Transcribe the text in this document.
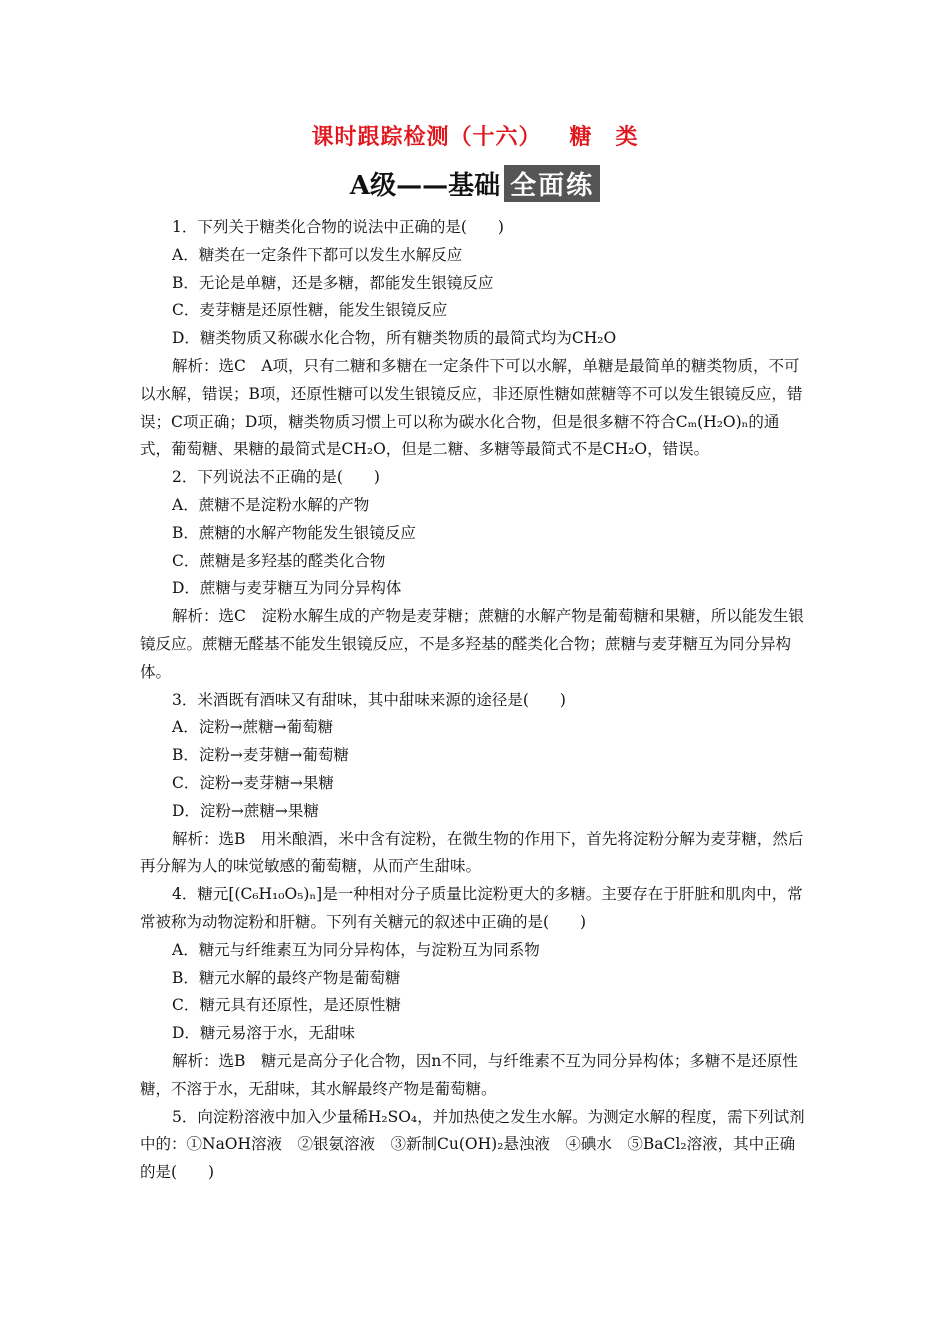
课时跟踪检测（十六） 糖　类
A级——基础 全面练

1．下列关于糖类化合物的说法中正确的是(　　)

A．糖类在一定条件下都可以发生水解反应

B．无论是单糖，还是多糖，都能发生银镜反应

C．麦芽糖是还原性糖，能发生银镜反应

D．糖类物质又称碳水化合物，所有糖类物质的最简式均为CH₂O

解析：选C　A项，只有二糖和多糖在一定条件下可以水解，单糖是最简单的糖类物质，不可以水解，错误；B项，还原性糖可以发生银镜反应，非还原性糖如蔗糖等不可以发生银镜反应，错误；C项正确；D项，糖类物质习惯上可以称为碳水化合物，但是很多糖不符合Cₘ(H₂O)ₙ的通式，葡萄糖、果糖的最简式是CH₂O，但是二糖、多糖等最简式不是CH₂O，错误。

2．下列说法不正确的是(　　)

A．蔗糖不是淀粉水解的产物

B．蔗糖的水解产物能发生银镜反应

C．蔗糖是多羟基的醛类化合物

D．蔗糖与麦芽糖互为同分异构体

解析：选C　淀粉水解生成的产物是麦芽糖；蔗糖的水解产物是葡萄糖和果糖，所以能发生银镜反应。蔗糖无醛基不能发生银镜反应，不是多羟基的醛类化合物；蔗糖与麦芽糖互为同分异构体。

3．米酒既有酒味又有甜味，其中甜味来源的途径是(　　)

A．淀粉→蔗糖→葡萄糖

B．淀粉→麦芽糖→葡萄糖

C．淀粉→麦芽糖→果糖

D．淀粉→蔗糖→果糖

解析：选B　用米酿酒，米中含有淀粉，在微生物的作用下，首先将淀粉分解为麦芽糖，然后再分解为人的味觉敏感的葡萄糖，从而产生甜味。

4．糖元[(C₆H₁₀O₅)ₙ]是一种相对分子质量比淀粉更大的多糖。主要存在于肝脏和肌肉中，常常被称为动物淀粉和肝糖。下列有关糖元的叙述中正确的是(　　)

A．糖元与纤维素互为同分异构体，与淀粉互为同系物

B．糖元水解的最终产物是葡萄糖

C．糖元具有还原性，是还原性糖

D．糖元易溶于水，无甜味

解析：选B　糖元是高分子化合物，因n不同，与纤维素不互为同分异构体；多糖不是还原性糖，不溶于水，无甜味，其水解最终产物是葡萄糖。

5．向淀粉溶液中加入少量稀H₂SO₄，并加热使之发生水解。为测定水解的程度，需下列试剂中的：①NaOH溶液　②银氨溶液　③新制Cu(OH)₂悬浊液　④碘水　⑤BaCl₂溶液，其中正确的是(　　)
